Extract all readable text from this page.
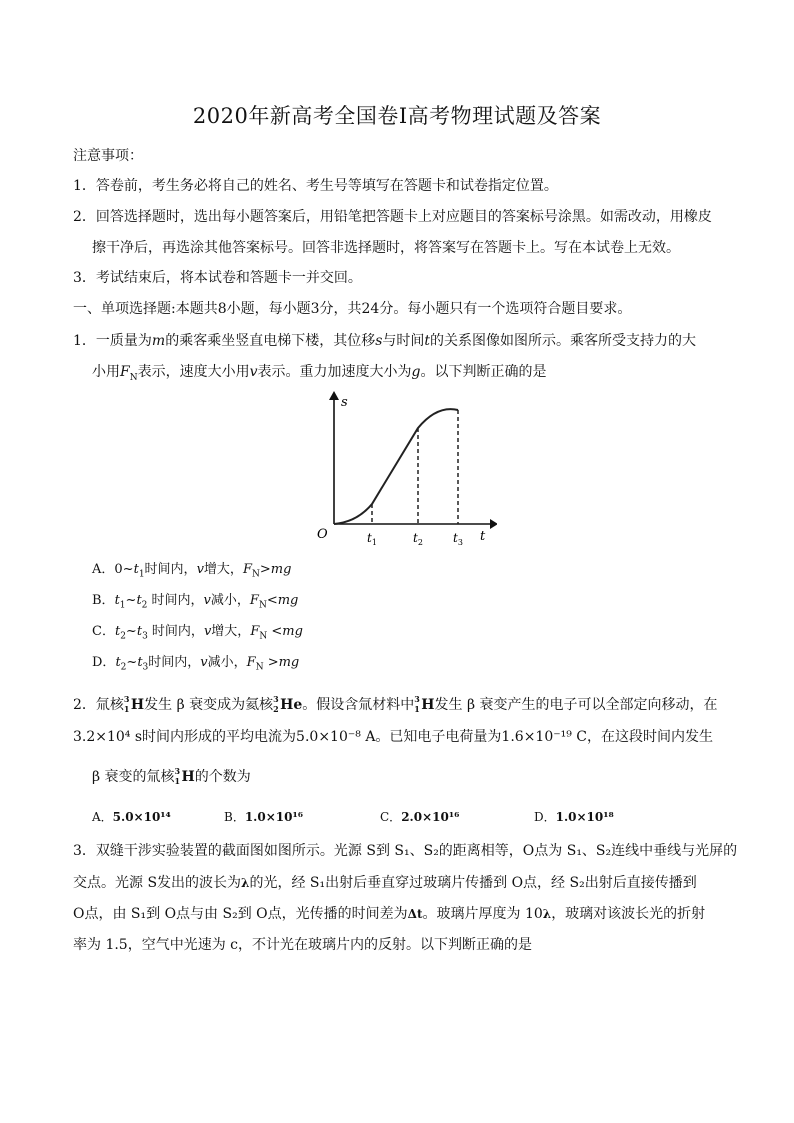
2020年新高考全国卷Ⅰ高考物理试题及答案
注意事项：
1．答卷前，考生务必将自己的姓名、考生号等填写在答题卡和试卷指定位置。
2．回答选择题时，选出每小题答案后，用铅笔把答题卡上对应题目的答案标号涂黑。如需改动，用橡皮
擦干净后，再选涂其他答案标号。回答非选择题时，将答案写在答题卡上。写在本试卷上无效。
3．考试结束后，将本试卷和答题卡一并交回。
一、单项选择题:本题共8小题，每小题3分，共24分。每小题只有一个选项符合题目要求。
1．一质量为m的乘客乘坐竖直电梯下楼，其位移s与时间t的关系图像如图所示。乘客所受支持力的大
小用$F_N$表示，速度大小用v表示。重力加速度大小为g。以下判断正确的是
s
t
O	$t_1$	$t_2$	$t_3$
A．$0\sim t_1$时间内，v增大，$F_N>mg$
B．$t_1\sim t_2$ 时间内，v减小，$F_N<mg$
C．$t_2\sim t_3$ 时间内，v增大，$F_N <mg$
D．$t_2\sim t_3$时间内，v减小，$F_N >mg$
2．氚核 3
1 H发生 β 衰变成为氦核 3
2 He。假设含氚材料中 3
1 H发生 β 衰变产生的电子可以全部定向移动，在
3.2×10⁴ s时间内形成的平均电流为5.0×10⁻⁸ A。已知电子电荷量为1.6×10⁻¹⁹ C，在这段时间内发生
β 衰变的氚核 3
1 H的个数为
A．5.0×10¹⁴	B．1.0×10¹⁶	C．2.0×10¹⁶	D．1.0×10¹⁸
3．双缝干涉实验装置的截面图如图所示。光源 S到 S₁、S₂的距离相等，O点为 S₁、S₂连线中垂线与光屏的
交点。光源 S发出的波长为λ的光，经 S₁出射后垂直穿过玻璃片传播到 O点，经 S₂出射后直接传播到
O点，由 S₁到 O点与由 S₂到 O点，光传播的时间差为Δt。玻璃片厚度为 10λ，玻璃对该波长光的折射
率为 1.5，空气中光速为 c，不计光在玻璃片内的反射。以下判断正确的是
